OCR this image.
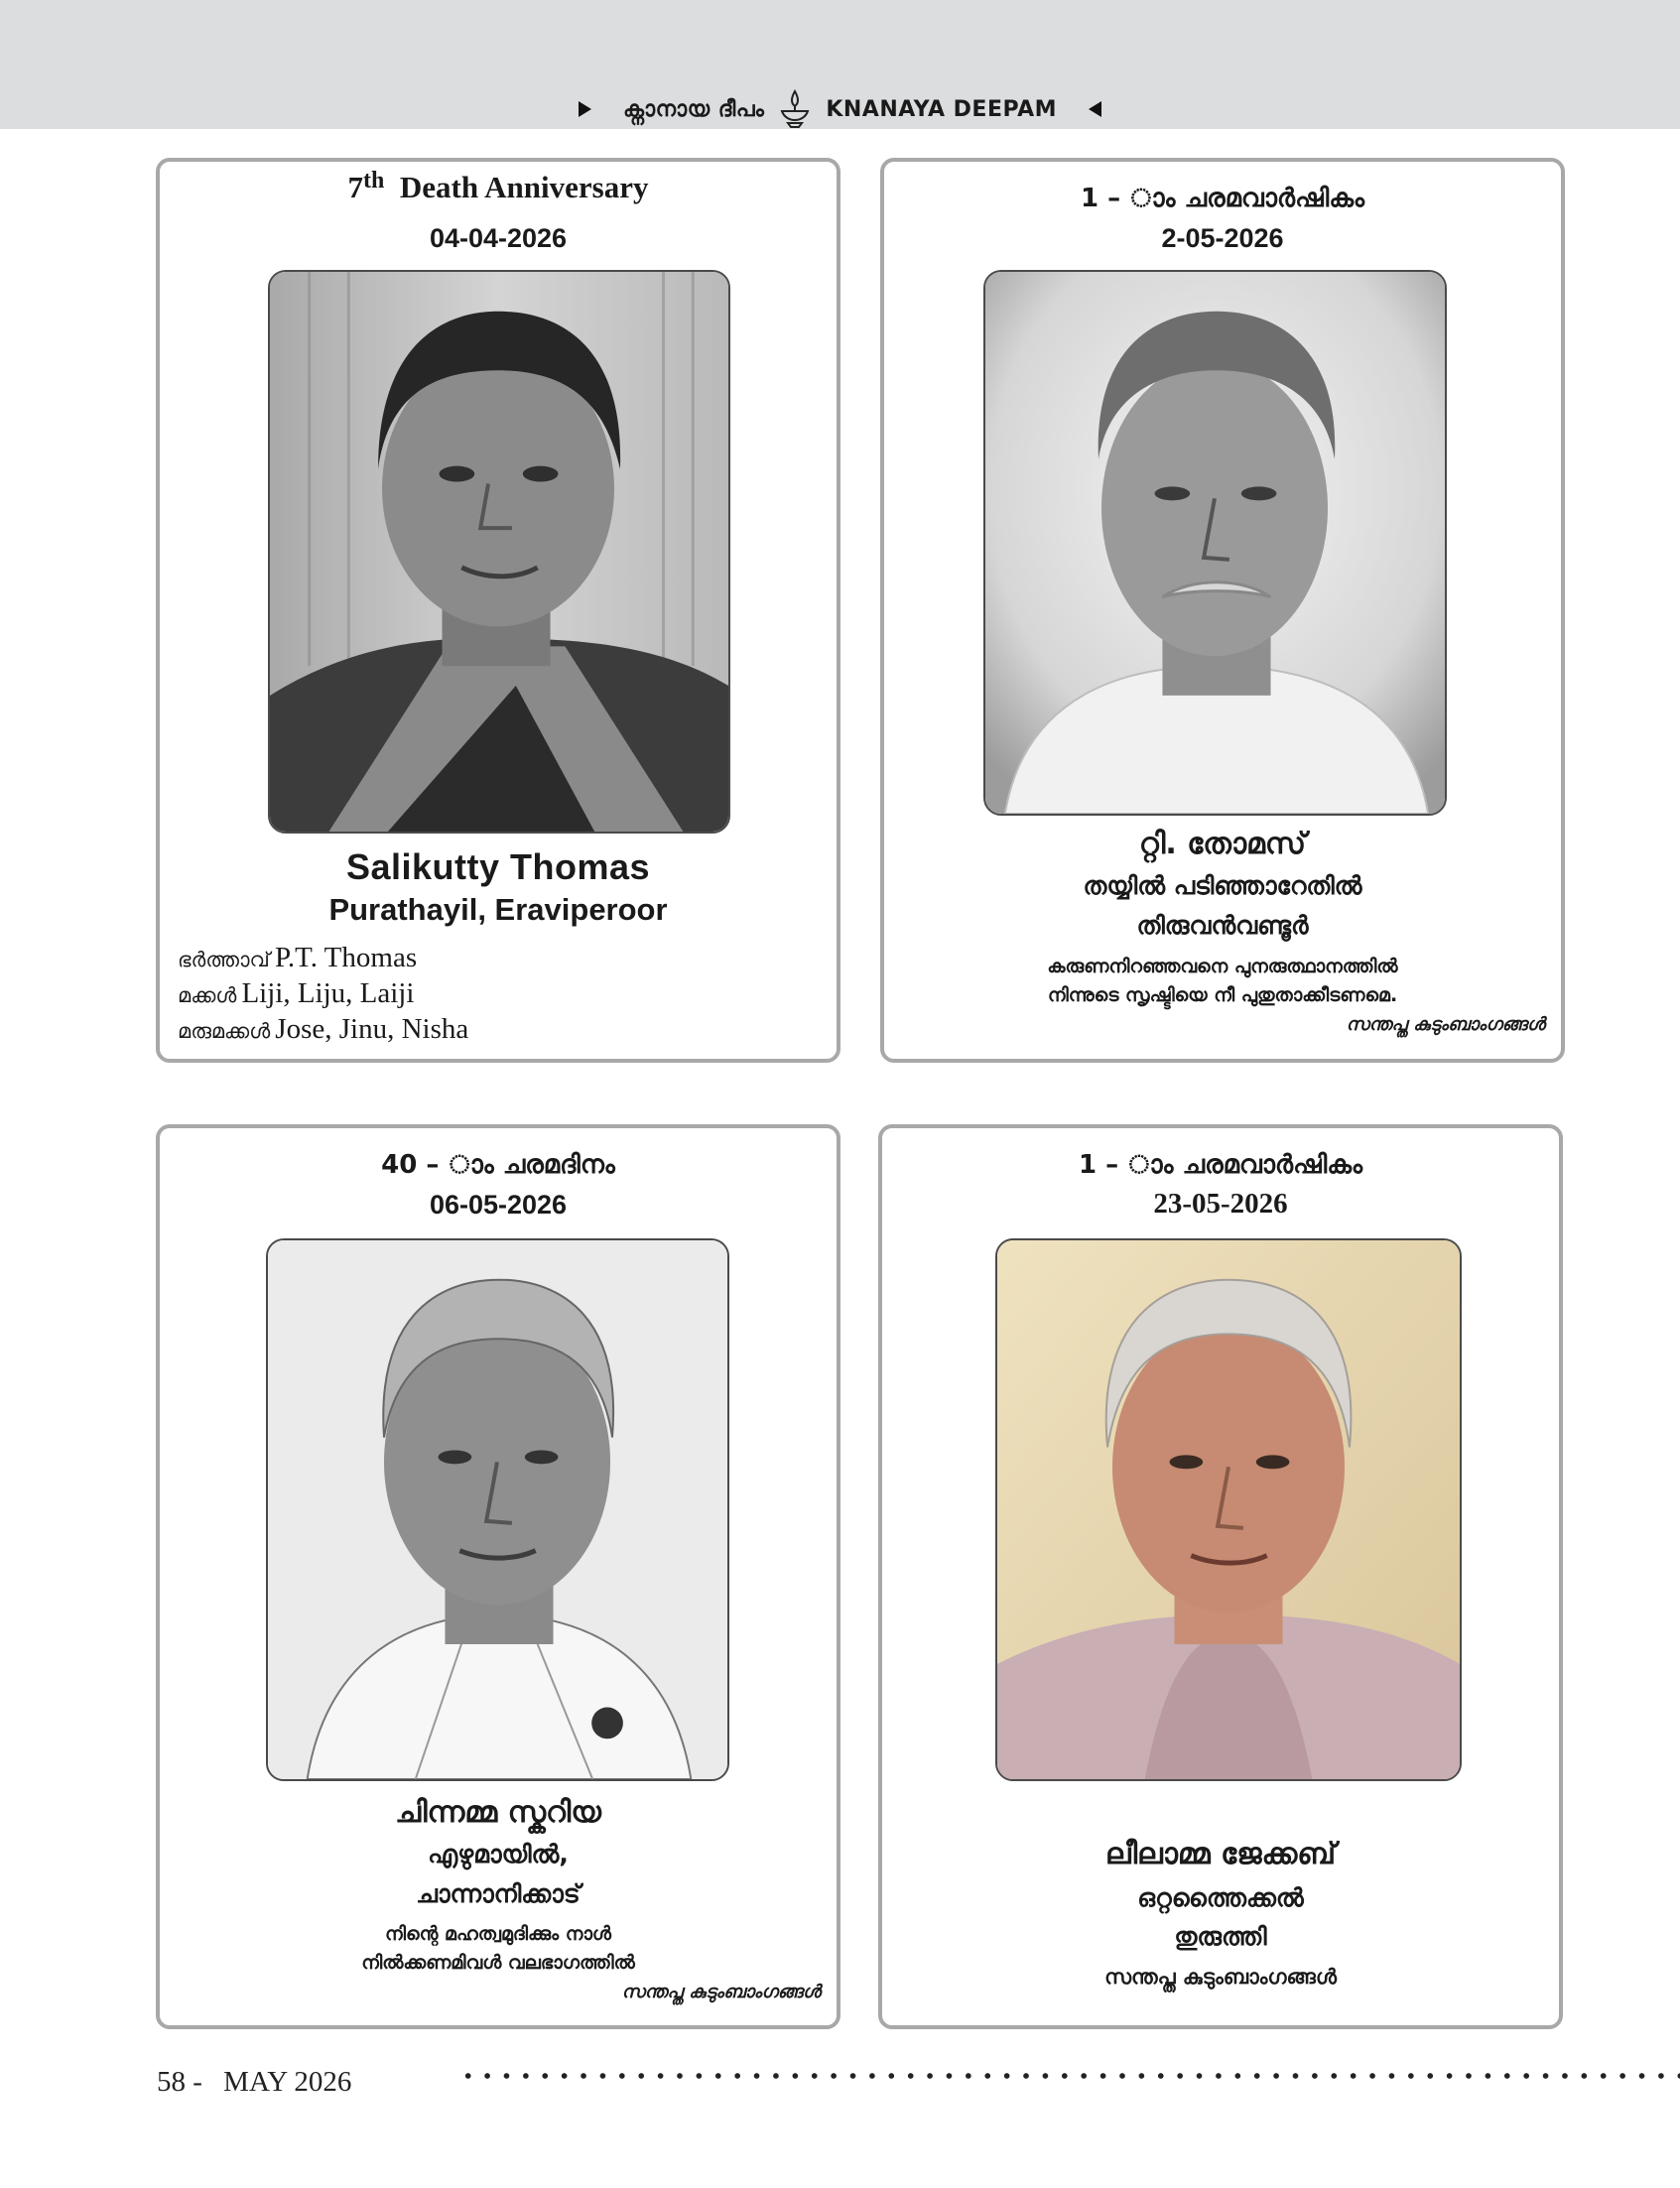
ക്നാനായ ദീപം	KNANAYA DEEPAM
7th Death Anniversary
04-04-2026
Salikutty Thomas
Purathayil, Eraviperoor
ഭർത്താവ് P.T. Thomas
മക്കൾ Liji, Liju, Laiji
മരുമക്കൾ Jose, Jinu, Nisha
1 – ാം ചരമവാർഷികം
2-05-2026
റ്റി. തോമസ്
തയ്യിൽ പടിഞ്ഞാറേതിൽ
തിരുവൻവണ്ടൂർ
കരുണനിറഞ്ഞവനെ പുനരുത്ഥാനത്തിൽ
നിന്നുടെ സൃഷ്ടിയെ നീ പുതുതാക്കീടണമെ.
സന്തപ്ത കുടുംബാംഗങ്ങൾ
40 – ാം ചരമദിനം
06-05-2026
ചിന്നമ്മ സ്കറിയ
എഴുമായിൽ,
ചാന്നാനിക്കാട്
നിന്റെ മഹത്വമുദിക്കും നാൾ
നിൽക്കണമിവൾ വലഭാഗത്തിൽ
സന്തപ്ത കുടുംബാംഗങ്ങൾ
1 – ാം ചരമവാർഷികം
23-05-2026
ലീലാമ്മ ജേക്കബ്
ഒറ്റത്തൈക്കൽ
തുരുത്തി
സന്തപ്ത കുടുംബാംഗങ്ങൾ
58 - MAY 2026
